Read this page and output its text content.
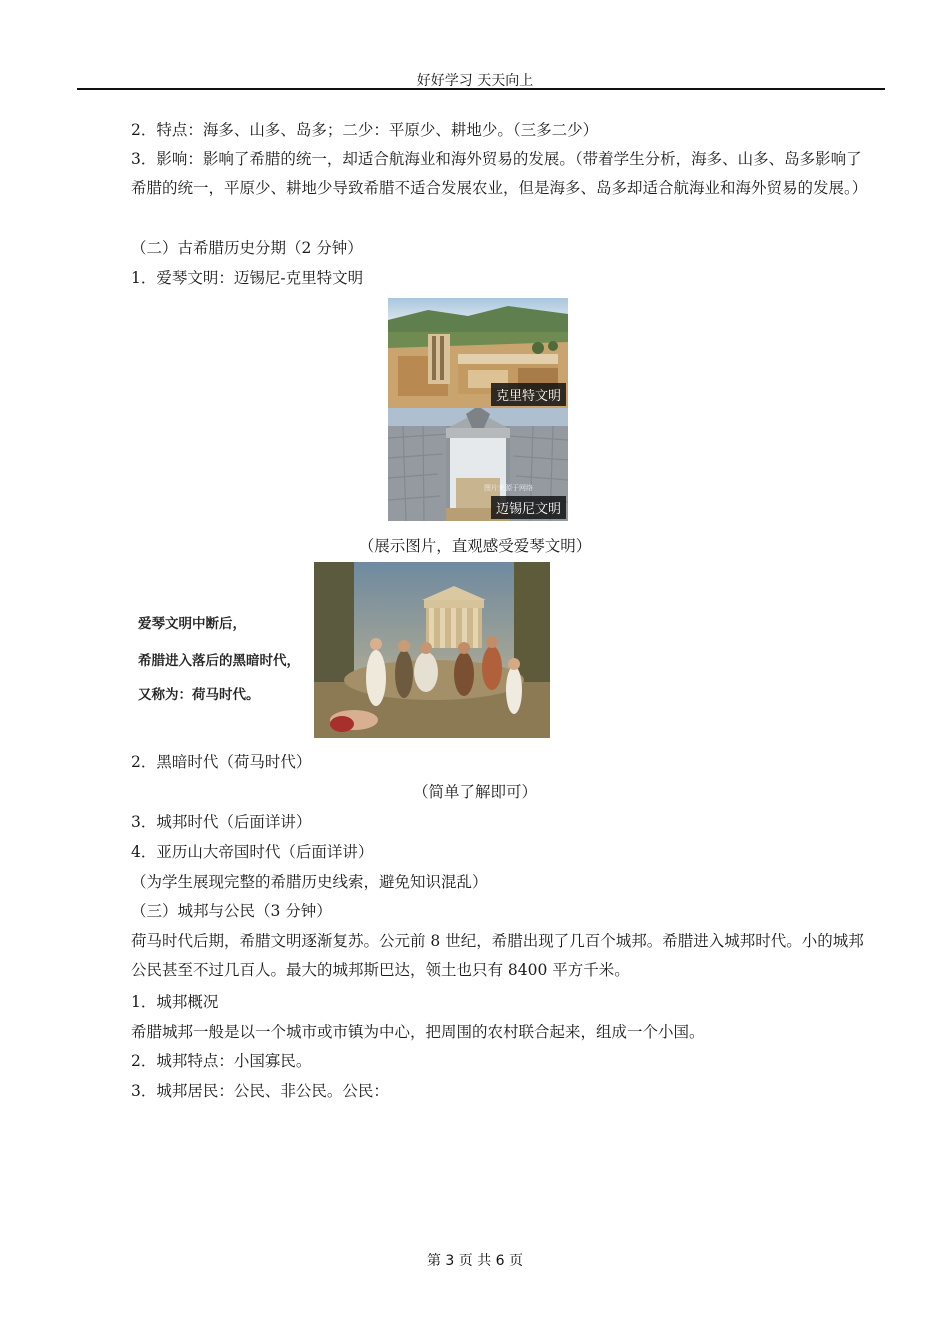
好好学习 天天向上
2．特点：海多、山多、岛多；二少：平原少、耕地少。（三多二少）
3．影响：影响了希腊的统一，却适合航海业和海外贸易的发展。（带着学生分析，海多、山多、岛多影响了希腊的统一，平原少、耕地少导致希腊不适合发展农业，但是海多、岛多却适合航海业和海外贸易的发展。）
（二）古希腊历史分期（2 分钟）
1．爱琴文明：迈锡尼-克里特文明
克里特文明
图片来源于网络
迈锡尼文明
（展示图片，直观感受爱琴文明）
爱琴文明中断后，
希腊进入落后的黑暗时代，
又称为：荷马时代。
2．黑暗时代（荷马时代）
（简单了解即可）
3．城邦时代（后面详讲）
4．亚历山大帝国时代（后面详讲）
（为学生展现完整的希腊历史线索，避免知识混乱）
（三）城邦与公民（3 分钟）
荷马时代后期，希腊文明逐渐复苏。公元前 8 世纪，希腊出现了几百个城邦。希腊进入城邦时代。小的城邦公民甚至不过几百人。最大的城邦斯巴达，领土也只有 8400 平方千米。
1．城邦概况
希腊城邦一般是以一个城市或市镇为中心，把周围的农村联合起来，组成一个小国。
2．城邦特点：小国寡民。
3．城邦居民：公民、非公民。公民：
第 3 页 共 6 页
